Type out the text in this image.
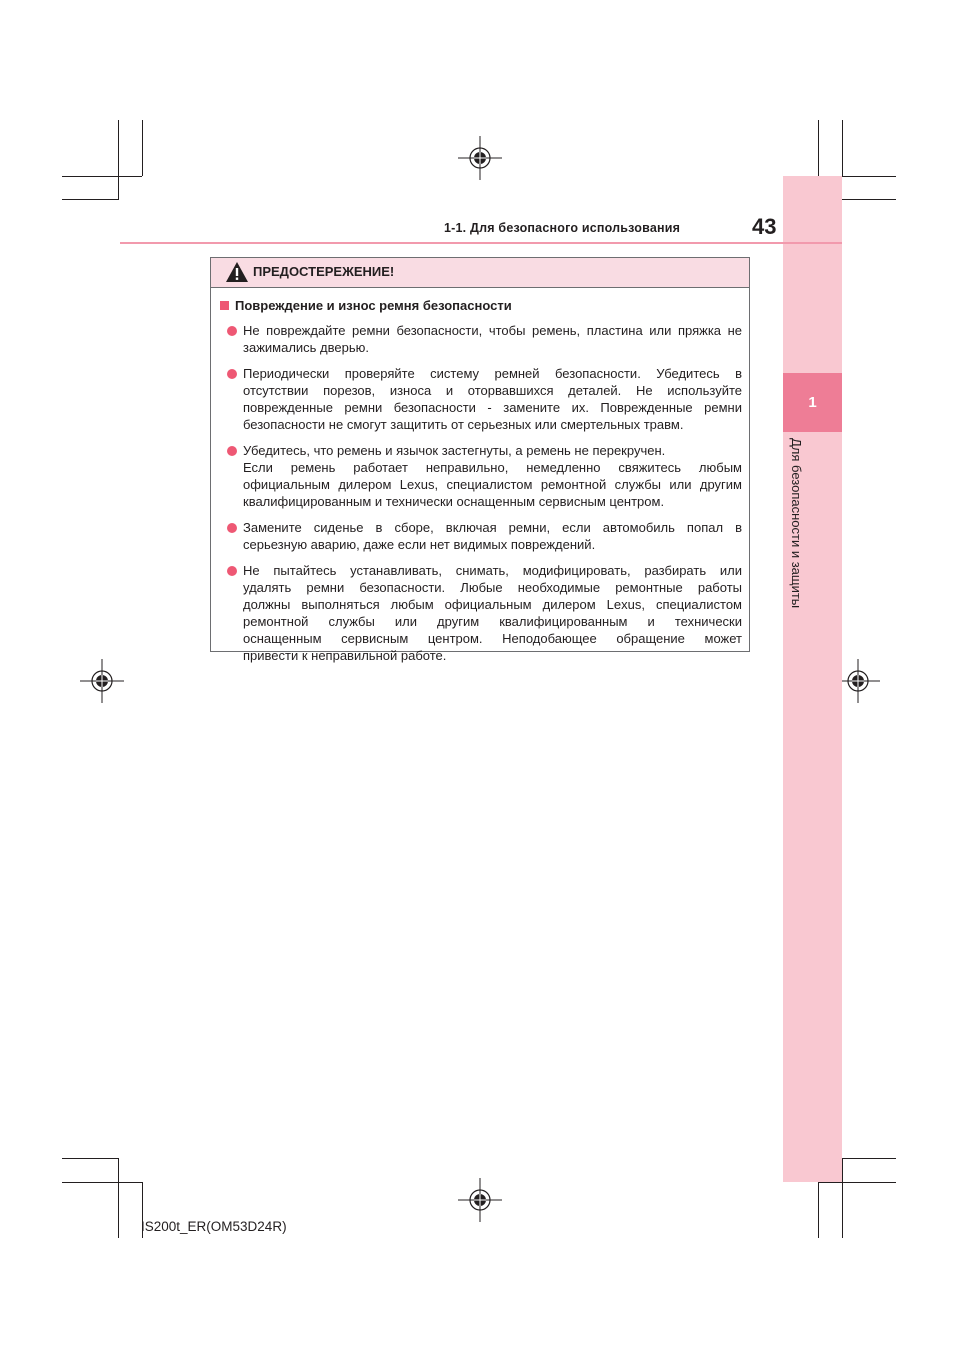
1
Для безопасности и защиты
1-1. Для безопасного использования	43
ПРЕДОСТЕРЕЖЕНИЕ!
Повреждение и износ ремня безопасности
Не повреждайте ремни безопасности, чтобы ремень, пластина или пряжка не
зажимались дверью.
Периодически проверяйте систему ремней безопасности. Убедитесь в
отсутствии порезов, износа и оторвавшихся деталей. Не используйте
поврежденные ремни безопасности - замените их. Поврежденные ремни
безопасности не смогут защитить от серьезных или смертельных травм.
Убедитесь, что ремень и язычок застегнуты, а ремень не перекручен.
Если ремень работает неправильно, немедленно свяжитесь любым
официальным дилером Lexus, специалистом ремонтной службы или другим
квалифицированным и технически оснащенным сервисным центром.
Замените сиденье в сборе, включая ремни, если автомобиль попал в
серьезную аварию, даже если нет видимых повреждений.
Не пытайтесь устанавливать, снимать, модифицировать, разбирать или
удалять ремни безопасности. Любые необходимые ремонтные работы
должны выполняться любым официальным дилером Lexus, специалистом
ремонтной службы или другим квалифицированным и технически
оснащенным сервисным центром. Неподобающее обращение может
привести к неправильной работе.
IS200t_ER(OM53D24R)
